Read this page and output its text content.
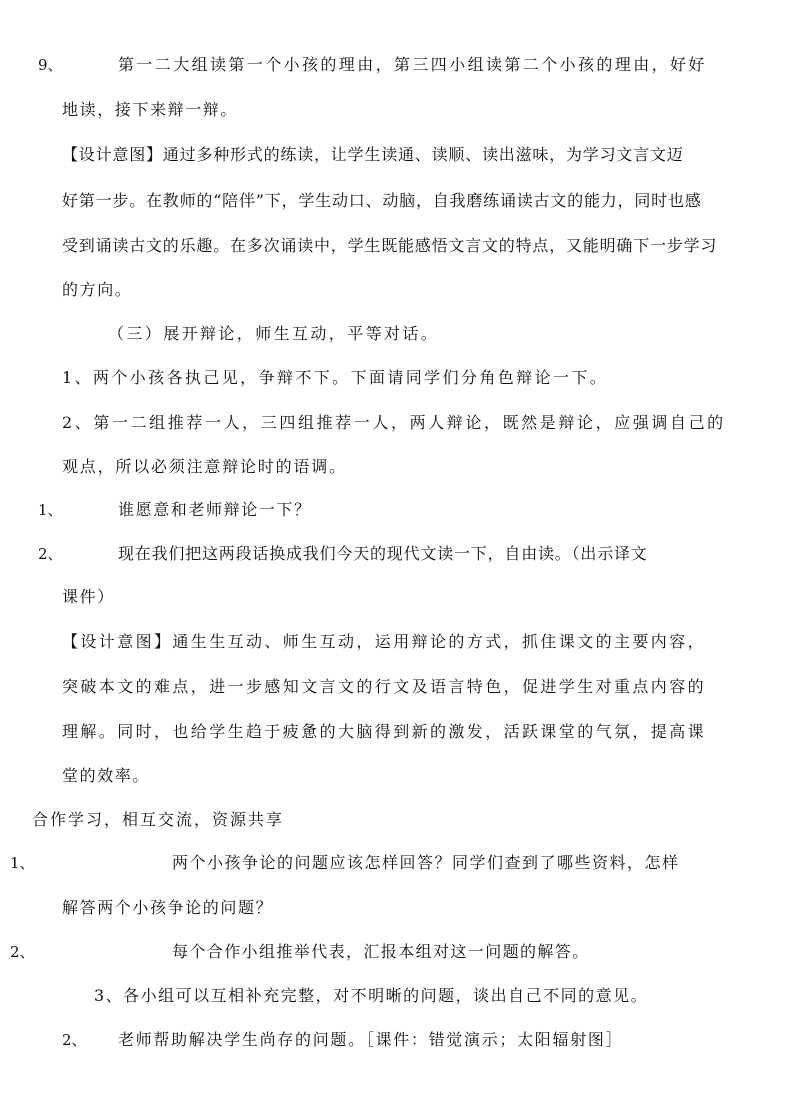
9、	第一二大组读第一个小孩的理由，第三四小组读第二个小孩的理由，好好
地读，接下来辩一辩。
【设计意图】通过多种形式的练读，让学生读通、读顺、读出滋味，为学习文言文迈
好第一步。在教师的“陪伴”下，学生动口、动脑，自我磨练诵读古文的能力，同时也感
受到诵读古文的乐趣。在多次诵读中，学生既能感悟文言文的特点，又能明确下一步学习
的方向。
（三）展开辩论，师生互动，平等对话。
1、两个小孩各执己见，争辩不下。下面请同学们分角色辩论一下。
2、第一二组推荐一人，三四组推荐一人，两人辩论，既然是辩论，应强调自己的
观点，所以必须注意辩论时的语调。
1、	谁愿意和老师辩论一下？
2、	现在我们把这两段话换成我们今天的现代文读一下，自由读。（出示译文
课件）
【设计意图】通生生互动、师生互动，运用辩论的方式，抓住课文的主要内容，
突破本文的难点，进一步感知文言文的行文及语言特色，促进学生对重点内容的
理解。同时，也给学生趋于疲惫的大脑得到新的激发，活跃课堂的气氛，提高课
堂的效率。
合作学习，相互交流，资源共享
1、	两个小孩争论的问题应该怎样回答？同学们查到了哪些资料，怎样
解答两个小孩争论的问题？
2、	每个合作小组推举代表，汇报本组对这一问题的解答。
3、各小组可以互相补充完整，对不明晰的问题，谈出自己不同的意见。
2、 老师帮助解决学生尚存的问题。［课件：错觉演示；太阳辐射图］
